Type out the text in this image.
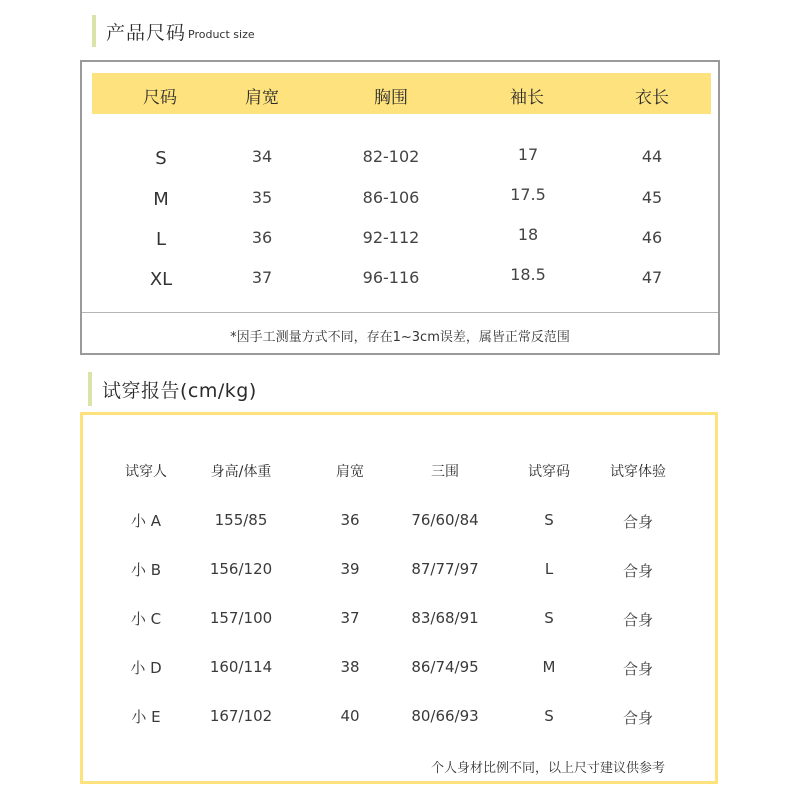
产品尺码 Product size
尺码	肩宽	胸围	袖长	衣长
S	34	82-102	17	44
M	35	86-106	17.5	45
L	36	92-112	18	46
XL	37	96-116	18.5	47
*因手工测量方式不同，存在1~3cm误差，属皆正常反范围
试穿报告(cm/kg)
试穿人	身高/体重	肩宽	三围	试穿码	试穿体验
小 A	155/85	36	76/60/84	S	合身
小 B	156/120	39	87/77/97	L	合身
小 C	157/100	37	83/68/91	S	合身
小 D	160/114	38	86/74/95	M	合身
小 E	167/102	40	80/66/93	S	合身
个人身材比例不同，以上尺寸建议供参考
